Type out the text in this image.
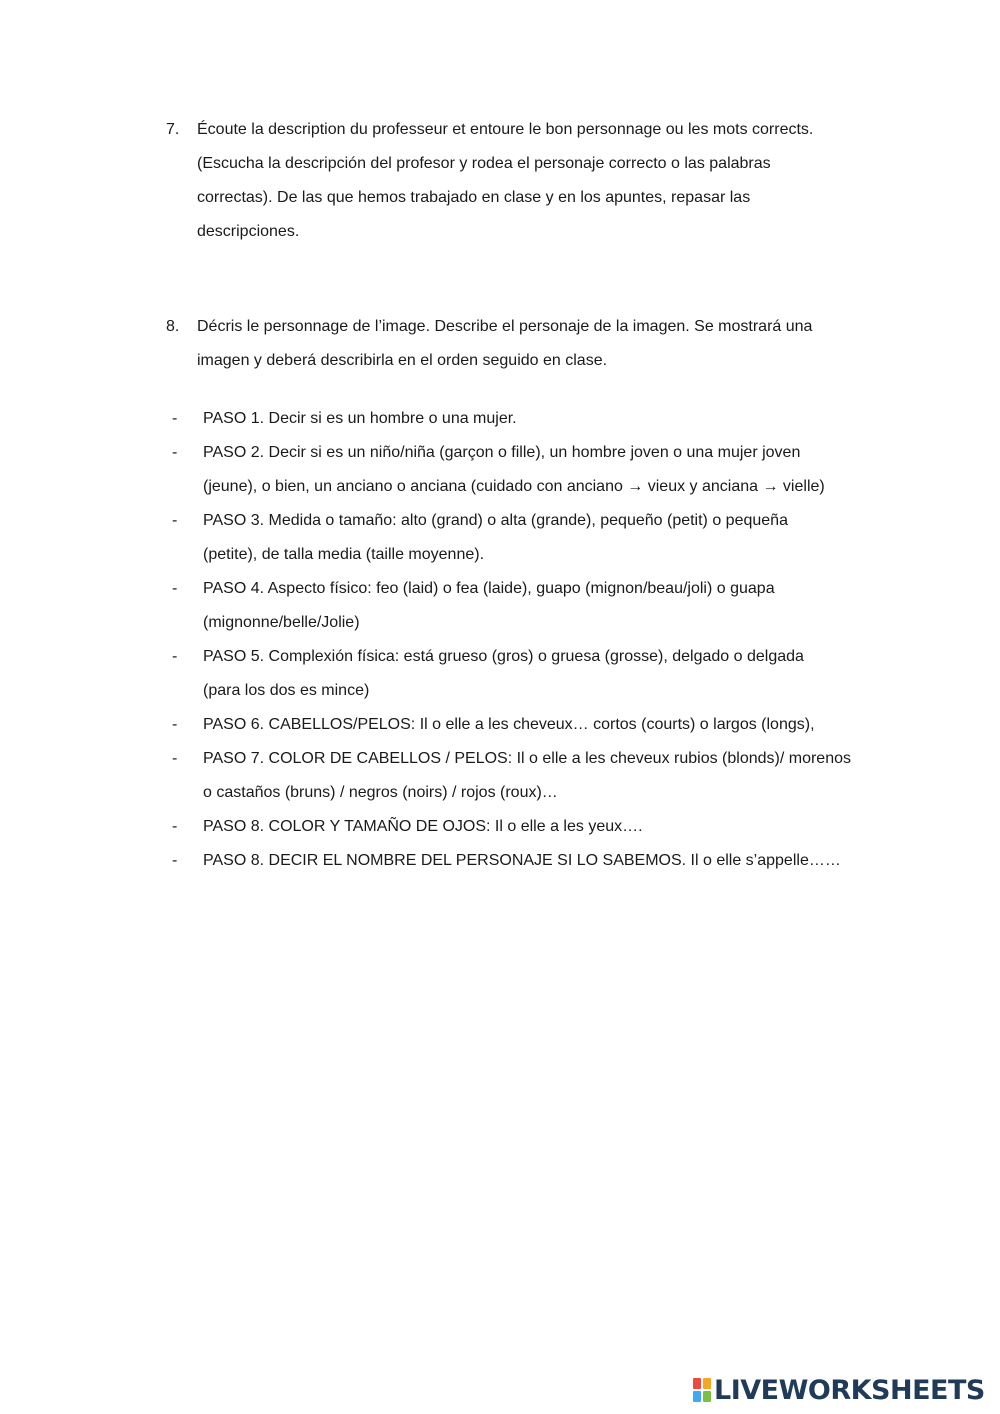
7. Écoute la description du professeur et entoure le bon personnage ou les mots corrects.
(Escucha la descripción del profesor y rodea el personaje correcto o las palabras
correctas). De las que hemos trabajado en clase y en los apuntes, repasar las
descripciones.
8. Décris le personnage de l’image. Describe el personaje de la imagen. Se mostrará una
imagen y deberá describirla en el orden seguido en clase.
- PASO 1. Decir si es un hombre o una mujer.
- PASO 2. Decir si es un niño/niña (garçon o fille), un hombre joven o una mujer joven
(jeune), o bien, un anciano o anciana (cuidado con anciano → vieux y anciana → vielle)
- PASO 3. Medida o tamaño: alto (grand) o alta (grande), pequeño (petit) o pequeña
(petite), de talla media (taille moyenne).
- PASO 4. Aspecto físico: feo (laid) o fea (laide), guapo (mignon/beau/joli) o guapa
(mignonne/belle/Jolie)
- PASO 5. Complexión física: está grueso (gros) o gruesa (grosse), delgado o delgada
(para los dos es mince)
- PASO 6. CABELLOS/PELOS: Il o elle a les cheveux… cortos (courts) o largos (longs),
- PASO 7. COLOR DE CABELLOS / PELOS: Il o elle a les cheveux rubios (blonds)/ morenos
o castaños (bruns) / negros (noirs) / rojos (roux)…
- PASO 8. COLOR Y TAMAÑO DE OJOS: Il o elle a les yeux….
- PASO 8. DECIR EL NOMBRE DEL PERSONAJE SI LO SABEMOS. Il o elle s’appelle……
LIVEWORKSHEETS
